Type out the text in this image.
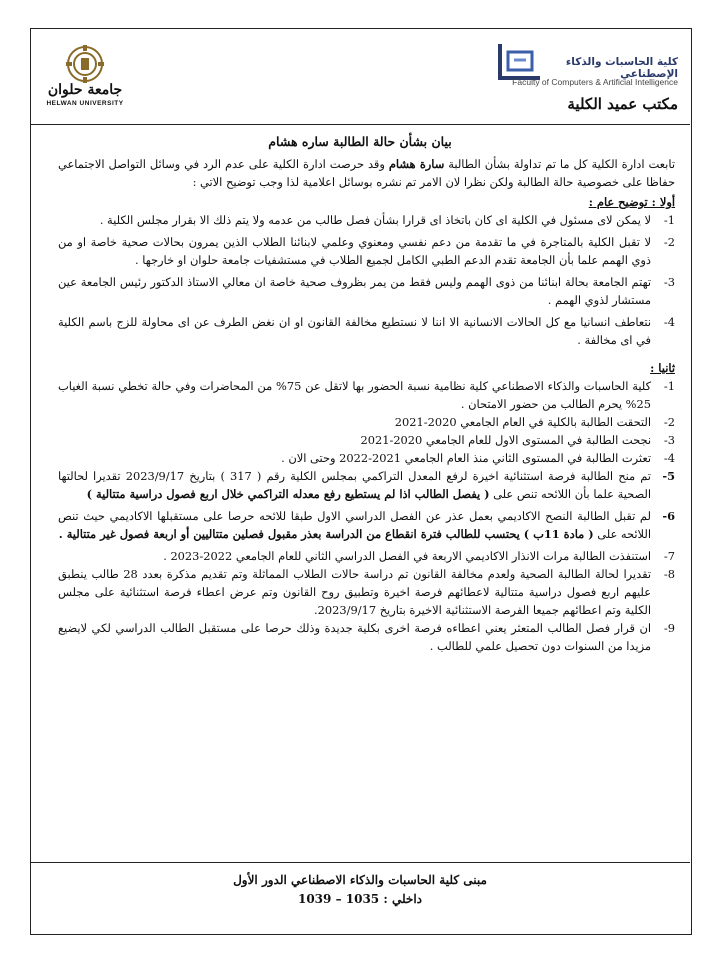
جامعة حلوان
HELWAN UNIVERSITY
كلية الحاسبات والذكاء الإصطناعي
Faculty of Computers & Artificial Intelligence
مكتب عميد الكلية
بيان بشأن حالة الطالبة ساره هشام

تابعت ادارة الكلية كل ما تم تداولة بشأن الطالبة سارة هشام وقد حرصت ادارة الكلية على عدم الرد في وسائل التواصل الاجتماعي حفاظا على خصوصية حالة الطالبة ولكن نظرا لان الامر تم نشره بوسائل اعلامية لذا وجب توضيح الاتي :

أولا : توضيح عام :
1-
لا يمكن لاى مسئول في الكلية اى كان باتخاذ اى قرارا بشأن فصل طالب من عدمه ولا يتم ذلك الا بقرار مجلس الكلية .
2-
لا تقبل الكلية بالمتاجرة في ما تقدمة من دعم نفسي ومعنوي وعلمي لابنائنا الطلاب الذين يمرون بحالات صحية خاصة او من ذوي الهمم علما بأن الجامعة تقدم الدعم الطبي الكامل لجميع الطلاب في مستشفيات جامعة حلوان او خارجها .
3-
تهتم الجامعة بحالة ابنائنا من ذوى الهمم وليس فقط من يمر بظروف صحية خاصة ان معالي الاستاذ الدكتور رئيس الجامعة عين مستشار لذوي الهمم .
4-
نتعاطف انسانيا مع كل الحالات الانسانية الا اننا لا نستطيع مخالفة القانون او ان نغض الطرف عن اى محاولة للزج باسم الكلية في اى مخالفة .
ثانيا :
1-
كلية الحاسبات والذكاء الاصطناعي كلية نظامية نسبة الحضور بها لاتقل عن 75% من المحاضرات وفي حالة تخطي نسبة الغياب 25% يحرم الطالب من حضور الامتحان .
2-
التحقت الطالبة بالكلية في العام الجامعي 2020-2021
3-
نجحت الطالبة في المستوى الاول للعام الجامعي 2020-2021
4-
تعثرت الطالبة في المستوى الثاني منذ العام الجامعي 2021-2022 وحتى الان .
5-
تم منح الطالبة فرصة استثنائية اخيرة لرفع المعدل التراكمي بمجلس الكلية رقم ( 317 ) بتاريخ 2023/9/17 تقديرا لحالتها الصحية علما بأن اللائحه تنص على ( يفصل الطالب اذا لم يستطيع رفع معدله التراكمي خلال اربع فصول دراسية متتالية )
6-
لم تقبل الطالبة النصح الاكاديمي بعمل عذر عن الفصل الدراسي الاول طبقا للائحه حرصا على مستقبلها الاكاديمي حيث تنص اللائحه على ( مادة 11ب ) يحتسب للطالب فترة انقطاع من الدراسة بعذر مقبول فصلين متتاليين أو اربعة فصول غير متتالية .
7-
استنفذت الطالبة مرات الانذار الاكاديمي الاربعة في الفصل الدراسي الثاني للعام الجامعي 2022-2023 .
8-
تقديرا لحالة الطالبة الصحية ولعدم مخالفة القانون تم دراسة حالات الطلاب المماثلة وتم تقديم مذكرة بعدد 28 طالب ينطبق عليهم اربع فصول دراسية متتالية لاعطائهم فرصة اخيرة وتطبيق روح القانون وتم عرض اعطاء فرصة استثنائية على مجلس الكلية وتم اعطائهم جميعا الفرصة الاستثنائية الاخيرة بتاريخ 2023/9/17.
9-
ان قرار فصل الطالب المتعثر يعني اعطاءه فرصة اخرى بكلية جديدة وذلك حرصا على مستقبل الطالب الدراسي لكي لايضيع مزيدا من السنوات دون تحصيل علمي للطالب .
مبنى كلية الحاسبات والذكاء الاصطناعي الدور الأول
داخلي : 1035 – 1039
